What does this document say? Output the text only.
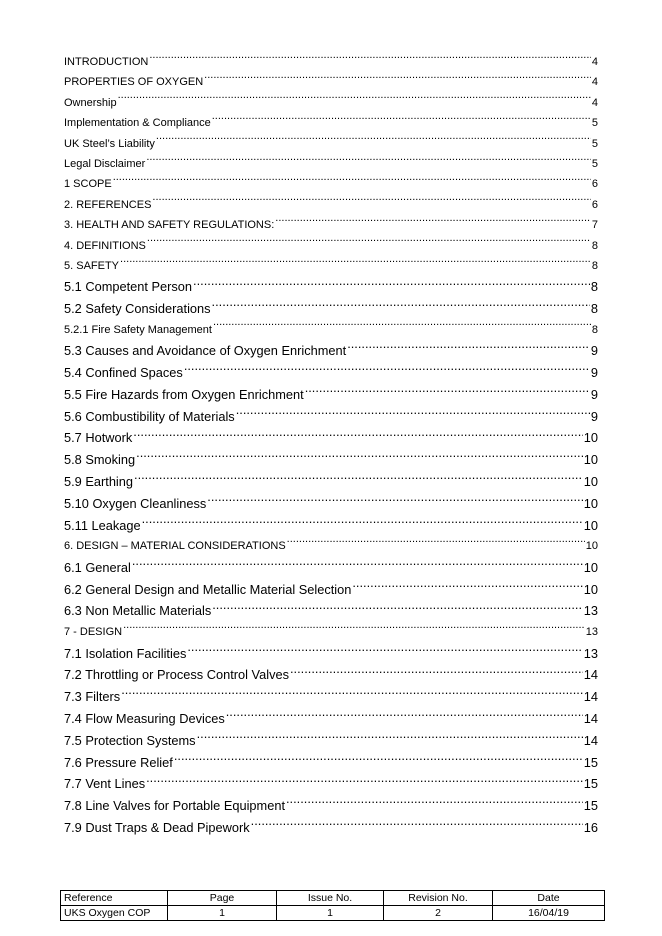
INTRODUCTION .....	4
PROPERTIES OF OXYGEN .....	4
Ownership .....	4
Implementation & Compliance .....	5
UK Steel’s Liability .....	5
Legal Disclaimer .....	5
1 SCOPE .....	6
2. REFERENCES .....	6
3. HEALTH AND SAFETY REGULATIONS: .....	7
4. DEFINITIONS .....	8
5. SAFETY .....	8
5.1 Competent Person .....	8
5.2 Safety Considerations .....	8
5.2.1 Fire Safety Management .....	8
5.3 Causes and Avoidance of Oxygen Enrichment .....	9
5.4 Confined Spaces .....	9
5.5 Fire Hazards from Oxygen Enrichment .....	9
5.6 Combustibility of Materials .....	9
5.7 Hotwork .....	10
5.8 Smoking .....	10
5.9 Earthing .....	10
5.10 Oxygen Cleanliness .....	10
5.11 Leakage .....	10
6. DESIGN – MATERIAL CONSIDERATIONS .....	10
6.1 General .....	10
6.2 General Design and Metallic Material Selection .....	10
6.3 Non Metallic Materials .....	13
7 - DESIGN .....	13
7.1 Isolation Facilities .....	13
7.2 Throttling or Process Control Valves .....	14
7.3 Filters .....	14
7.4 Flow Measuring Devices .....	14
7.5 Protection Systems .....	14
7.6 Pressure Relief .....	15
7.7 Vent Lines .....	15
7.8 Line Valves for Portable Equipment .....	15
7.9 Dust Traps & Dead Pipework .....	16
Reference	Page	Issue No.	Revision No.	Date
UKS Oxygen COP	1	1	2	16/04/19
